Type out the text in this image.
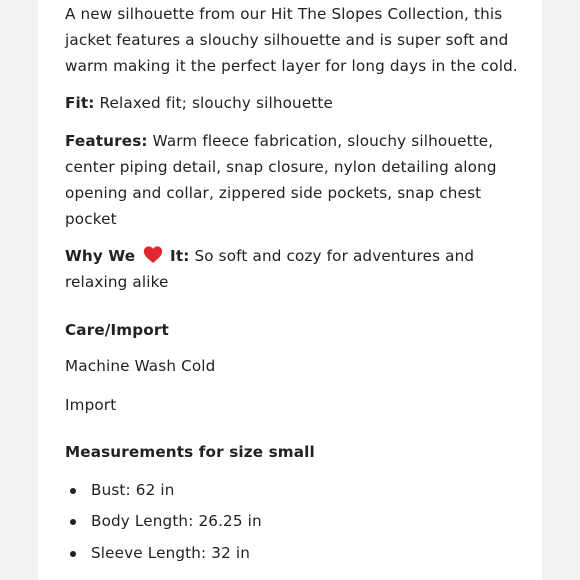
A new silhouette from our Hit The Slopes Collection, this jacket features a slouchy silhouette and is super soft and warm making it the perfect layer for long days in the cold.

Fit: Relaxed fit; slouchy silhouette

Features: Warm fleece fabrication, slouchy silhouette, center piping detail, snap closure, nylon detailing along opening and collar, zippered side pockets, snap chest pocket

Why We  It: So soft and cozy for adventures and relaxing alike

Care/Import

Machine Wash Cold

Import

Measurements for size small
Bust: 62 in
Body Length: 26.25 in
Sleeve Length: 32 in
